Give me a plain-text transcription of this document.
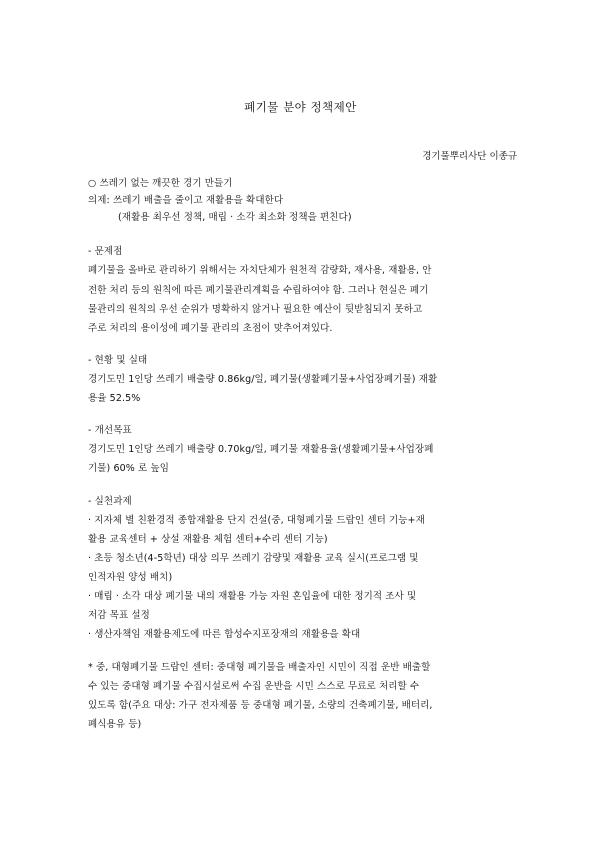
폐기물 분야 정책제안
경기풀뿌리사단 이종규
○ 쓰레기 없는 깨끗한 경기 만들기
의제: 쓰레기 배출을 줄이고 재활용을 확대한다
(재활용 최우선 정책, 매립 · 소각 최소화 정책을 편친다)
- 문제점
폐기물을 올바로 관리하기 위해서는 자치단체가 원천적 감량화, 재사용, 재활용, 안
전한 처리 등의 원칙에 따른 폐기물관리계획을 수립하여야 함. 그러나 현실은 폐기
물관리의 원칙의 우선 순위가 명확하지 않거나 필요한 예산이 뒷받침되지 못하고
주로 처리의 용이성에 폐기물 관리의 초점이 맞추어져있다.
- 현황 및 실태
경기도민 1인당 쓰레기 배출량 0.86kg/일, 폐기물(생활폐기물+사업장폐기물) 재활
용율 52.5%
- 개선목표
경기도민 1인당 쓰레기 배출량 0.70kg/일, 폐기물 재활용율(생활폐기물+사업장폐
기물) 60% 로 높임
- 실천과제
· 지자체 별 친환경적 종합재활용 단지 건설(중, 대형폐기물 드랍인 센터 기능+재
활용 교육센터 + 상설 재활용 체험 센터+수리 센터 기능)
· 초등 청소년(4-5학년) 대상 의무 쓰레기 감량및 재활용 교육 실시(프로그램 및
인적자원 양성 배치)
· 매립 · 소각 대상 폐기물 내의 재활용 가능 자원 혼입율에 대한 정기적 조사 및
저감 목표 설정
· 생산자책임 재활용제도에 따른 합성수지포장재의 재활용을 확대
* 중, 대형폐기물 드랍인 센터: 중대형 폐기물을 배출자인 시민이 직접 운반 배출할
수 있는 중대형 폐기물 수집시설로써 수집 운반을 시민 스스로 무료로 처리할 수
있도록 함(주요 대상: 가구 전자제품 등 중대형 폐기물, 소량의 건축폐기물, 배터리,
폐식용유 등)
